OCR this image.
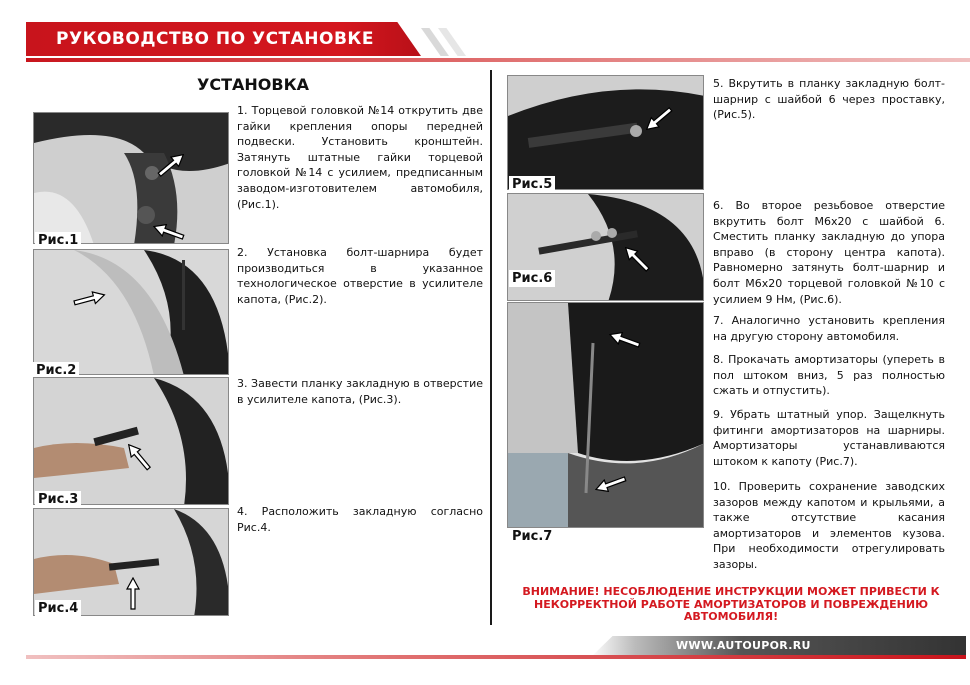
РУКОВОДСТВО ПО УСТАНОВКЕ
УСТАНОВКА
Рис.1
Рис.2
Рис.3
Рис.4
1. Торцевой головкой №14 открутить две гайки крепления опоры передней подвески. Установить кронштейн. Затянуть штатные гайки торцевой головкой №14 с усилием, предписанным заводом-изготовителем автомобиля, (Рис.1).
2. Установка болт-шарнира будет производиться в указанное технологическое отверстие в усилителе капота, (Рис.2).
3. Завести планку закладную в отверстие в усилителе капота, (Рис.3).
4. Расположить закладную согласно Рис.4.
Рис.5
Рис.6
Рис.7
5. Вкрутить в планку закладную болт-шарнир с шайбой 6 через проставку, (Рис.5).
6. Во второе резьбовое отверстие вкрутить болт М6х20 с шайбой 6. Сместить планку закладную до упора вправо (в сторону центра капота). Равномерно затянуть болт-шарнир и болт М6х20 торцевой головкой №10 с усилием 9 Нм, (Рис.6).
7. Аналогично установить крепления на другую сторону автомобиля.
8. Прокачать амортизаторы (упереть в пол штоком вниз, 5 раз полностью сжать и отпустить).
9. Убрать штатный упор. Защелкнуть фитинги амортизаторов на шарниры. Амортизаторы устанавливаются штоком к капоту (Рис.7).
10. Проверить сохранение заводских зазоров между капотом и крыльями, а также отсутствие касания амортизаторов и элементов кузова. При необходимости отрегулировать зазоры.
ВНИМАНИЕ! НЕСОБЛЮДЕНИЕ ИНСТРУКЦИИ МОЖЕТ ПРИВЕСТИ К НЕКОРРЕКТНОЙ РАБОТЕ АМОРТИЗАТОРОВ И ПОВРЕЖДЕНИЮ АВТОМОБИЛЯ!
WWW.AUTOUPOR.RU
